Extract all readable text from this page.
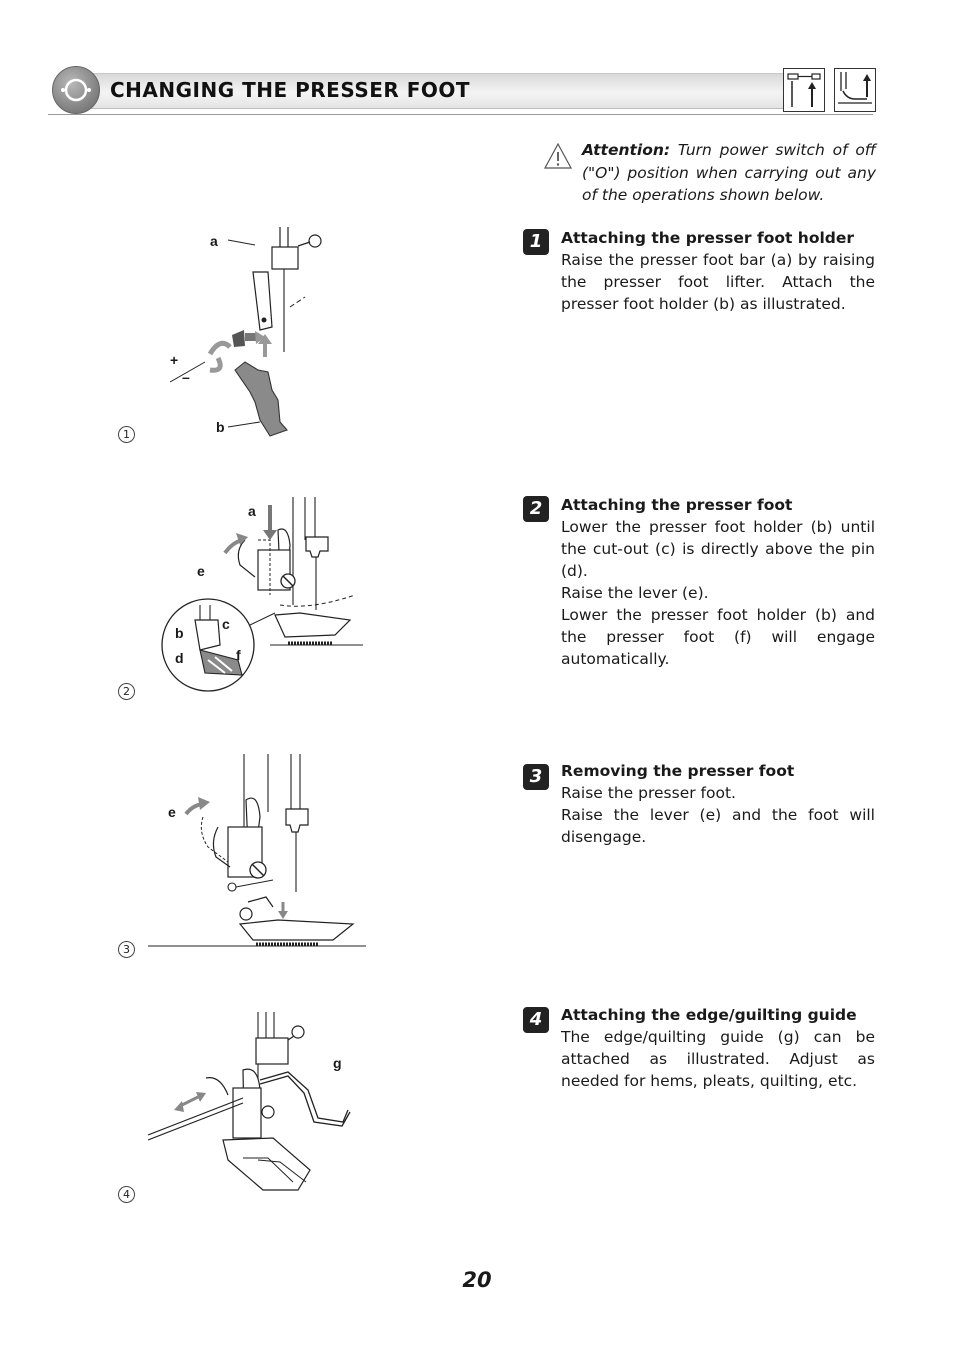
CHANGING THE PRESSER FOOT
Attention: Turn power switch of off ("O") position when carrying out any of the operations shown below.
1	Attaching the presser foot holder
Raise the presser foot bar (a) by raising the presser foot lifter. Attach the presser foot holder (b) as illustrated.
2	Attaching the presser foot
Lower the presser foot holder (b) until the cut-out (c) is directly above the pin (d).
Raise the lever (e).
Lower the presser foot holder (b) and the presser foot (f) will engage automatically.
3	Removing the presser foot
Raise the presser foot.
Raise the lever (e) and the foot will disengage.
4	Attaching the edge/guilting guide
The edge/quilting guide (g) can be attached as illustrated. Adjust as needed for hems, pleats, quilting, etc.
a
b
+
–
1
a
e
b
c
d	f
2
e
3
g
4
20
